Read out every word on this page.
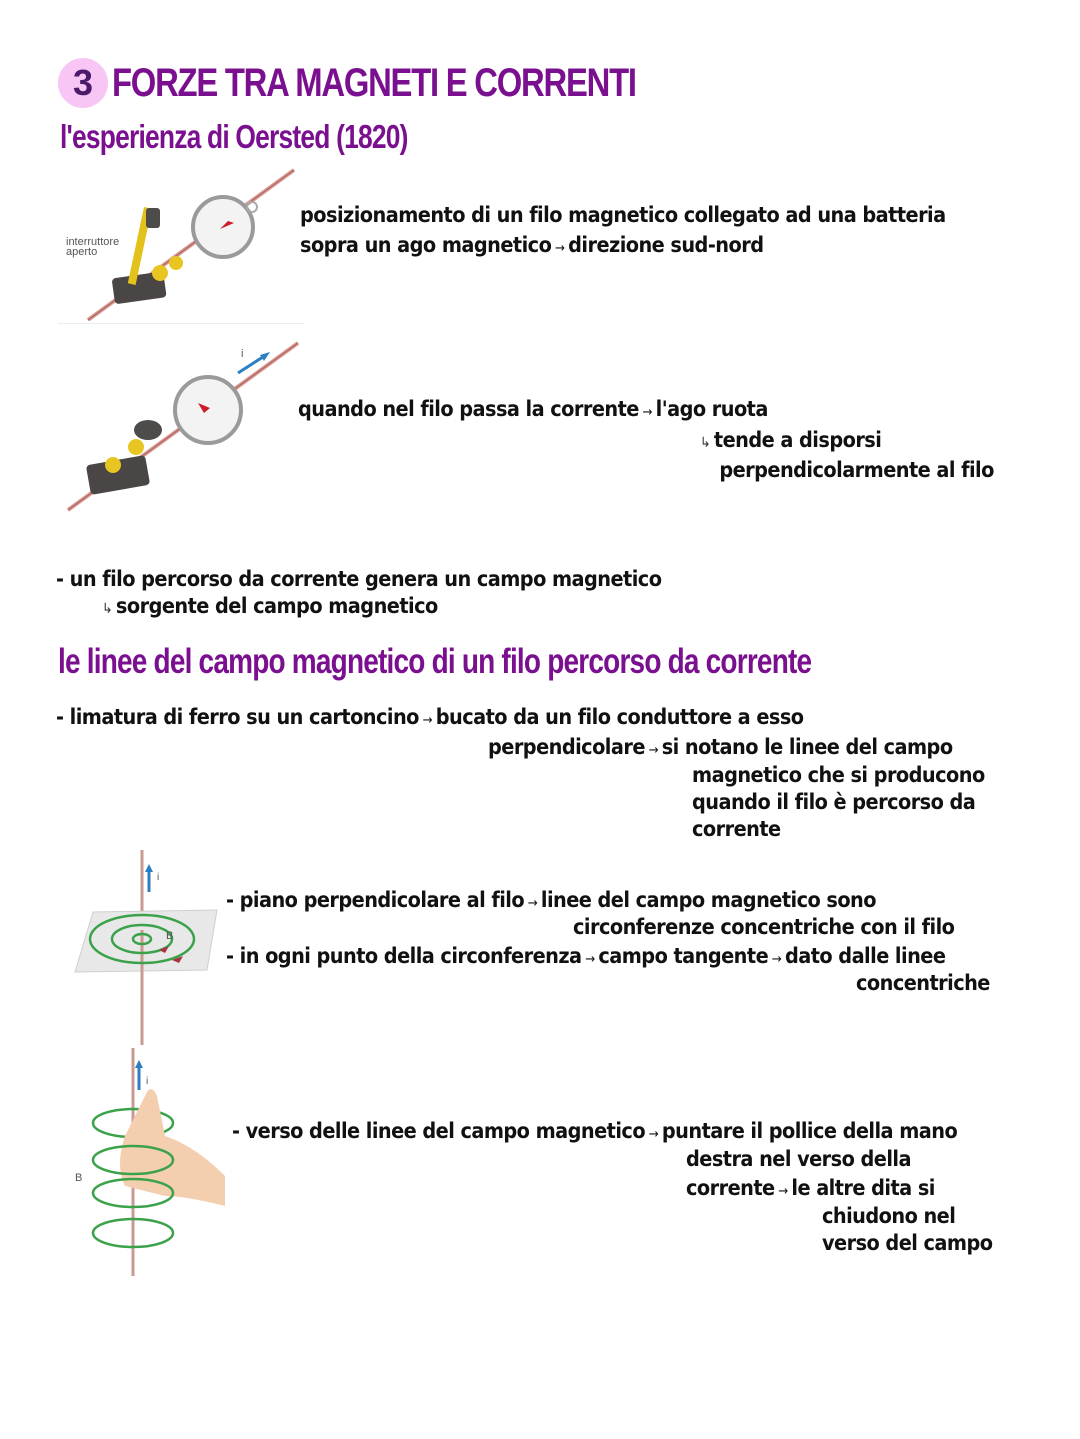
3 FORZE TRA MAGNETI E CORRENTI
l'esperienza di Oersted (1820)
interruttore
aperto
posizionamento di un filo magnetico collegato ad una batteria
sopra un ago magnetico → direzione sud-nord
i
quando nel filo passa la corrente → l'ago ruota
↳ tende a disporsi
perpendicolarmente al filo
- un filo percorso da corrente genera un campo magnetico
↳ sorgente del campo magnetico
le linee del campo magnetico di un filo percorso da corrente
- limatura di ferro su un cartoncino → bucato da un filo conduttore a esso
perpendicolare → si notano le linee del campo
magnetico che si producono
quando il filo è percorso da
corrente
i
B
- piano perpendicolare al filo → linee del campo magnetico sono
circonferenze concentriche con il filo
- in ogni punto della circonferenza → campo tangente → dato dalle linee
concentriche
i
B
- verso delle linee del campo magnetico → puntare il pollice della mano
destra nel verso della
corrente → le altre dita si
chiudono nel
verso del campo
